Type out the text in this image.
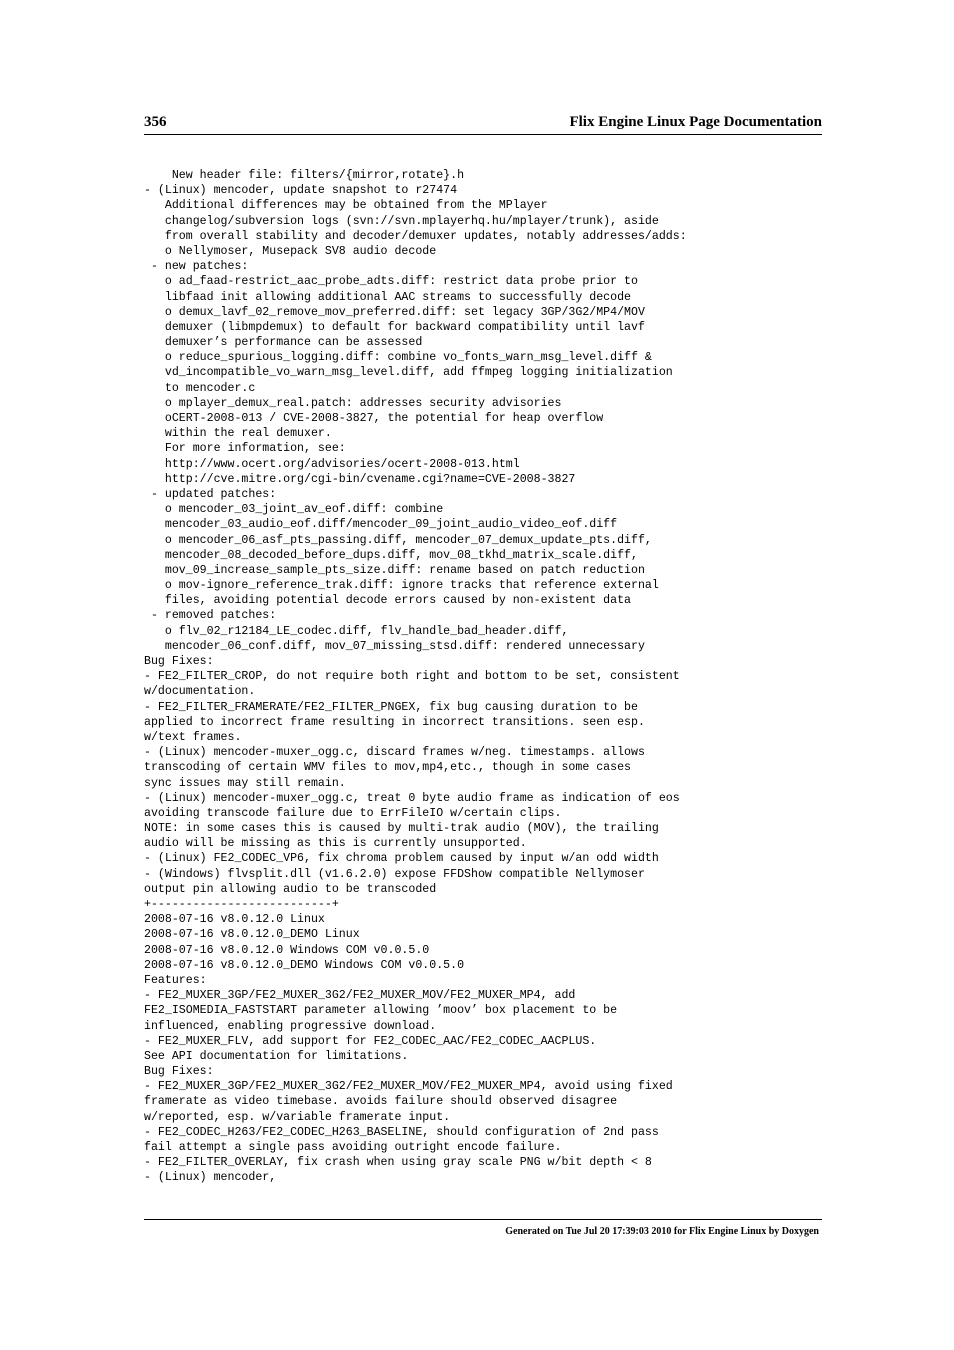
356	Flix Engine Linux Page Documentation
New header file: filters/{mirror,rotate}.h
- (Linux) mencoder, update snapshot to r27474
Additional differences may be obtained from the MPlayer
changelog/subversion logs (svn://svn.mplayerhq.hu/mplayer/trunk), aside
from overall stability and decoder/demuxer updates, notably addresses/adds:
o Nellymoser, Musepack SV8 audio decode
- new patches:
o ad_faad-restrict_aac_probe_adts.diff: restrict data probe prior to
libfaad init allowing additional AAC streams to successfully decode
o demux_lavf_02_remove_mov_preferred.diff: set legacy 3GP/3G2/MP4/MOV
demuxer (libmpdemux) to default for backward compatibility until lavf
demuxer’s performance can be assessed
o reduce_spurious_logging.diff: combine vo_fonts_warn_msg_level.diff &
vd_incompatible_vo_warn_msg_level.diff, add ffmpeg logging initialization
to mencoder.c
o mplayer_demux_real.patch: addresses security advisories
oCERT-2008-013 / CVE-2008-3827, the potential for heap overflow
within the real demuxer.
For more information, see:
http://www.ocert.org/advisories/ocert-2008-013.html
http://cve.mitre.org/cgi-bin/cvename.cgi?name=CVE-2008-3827
- updated patches:
o mencoder_03_joint_av_eof.diff: combine
mencoder_03_audio_eof.diff/mencoder_09_joint_audio_video_eof.diff
o mencoder_06_asf_pts_passing.diff, mencoder_07_demux_update_pts.diff,
mencoder_08_decoded_before_dups.diff, mov_08_tkhd_matrix_scale.diff,
mov_09_increase_sample_pts_size.diff: rename based on patch reduction
o mov-ignore_reference_trak.diff: ignore tracks that reference external
files, avoiding potential decode errors caused by non-existent data
- removed patches:
o flv_02_r12184_LE_codec.diff, flv_handle_bad_header.diff,
mencoder_06_conf.diff, mov_07_missing_stsd.diff: rendered unnecessary
Bug Fixes:
- FE2_FILTER_CROP, do not require both right and bottom to be set, consistent
w/documentation.
- FE2_FILTER_FRAMERATE/FE2_FILTER_PNGEX, fix bug causing duration to be
applied to incorrect frame resulting in incorrect transitions. seen esp.
w/text frames.
- (Linux) mencoder-muxer_ogg.c, discard frames w/neg. timestamps. allows
transcoding of certain WMV files to mov,mp4,etc., though in some cases
sync issues may still remain.
- (Linux) mencoder-muxer_ogg.c, treat 0 byte audio frame as indication of eos
avoiding transcode failure due to ErrFileIO w/certain clips.
NOTE: in some cases this is caused by multi-trak audio (MOV), the trailing
audio will be missing as this is currently unsupported.
- (Linux) FE2_CODEC_VP6, fix chroma problem caused by input w/an odd width
- (Windows) flvsplit.dll (v1.6.2.0) expose FFDShow compatible Nellymoser
output pin allowing audio to be transcoded
+--------------------------+
2008-07-16 v8.0.12.0 Linux
2008-07-16 v8.0.12.0_DEMO Linux
2008-07-16 v8.0.12.0 Windows COM v0.0.5.0
2008-07-16 v8.0.12.0_DEMO Windows COM v0.0.5.0
Features:
- FE2_MUXER_3GP/FE2_MUXER_3G2/FE2_MUXER_MOV/FE2_MUXER_MP4, add
FE2_ISOMEDIA_FASTSTART parameter allowing ’moov’ box placement to be
influenced, enabling progressive download.
- FE2_MUXER_FLV, add support for FE2_CODEC_AAC/FE2_CODEC_AACPLUS.
See API documentation for limitations.
Bug Fixes:
- FE2_MUXER_3GP/FE2_MUXER_3G2/FE2_MUXER_MOV/FE2_MUXER_MP4, avoid using fixed
framerate as video timebase. avoids failure should observed disagree
w/reported, esp. w/variable framerate input.
- FE2_CODEC_H263/FE2_CODEC_H263_BASELINE, should configuration of 2nd pass
fail attempt a single pass avoiding outright encode failure.
- FE2_FILTER_OVERLAY, fix crash when using gray scale PNG w/bit depth < 8
- (Linux) mencoder,
Generated on Tue Jul 20 17:39:03 2010 for Flix Engine Linux by Doxygen
